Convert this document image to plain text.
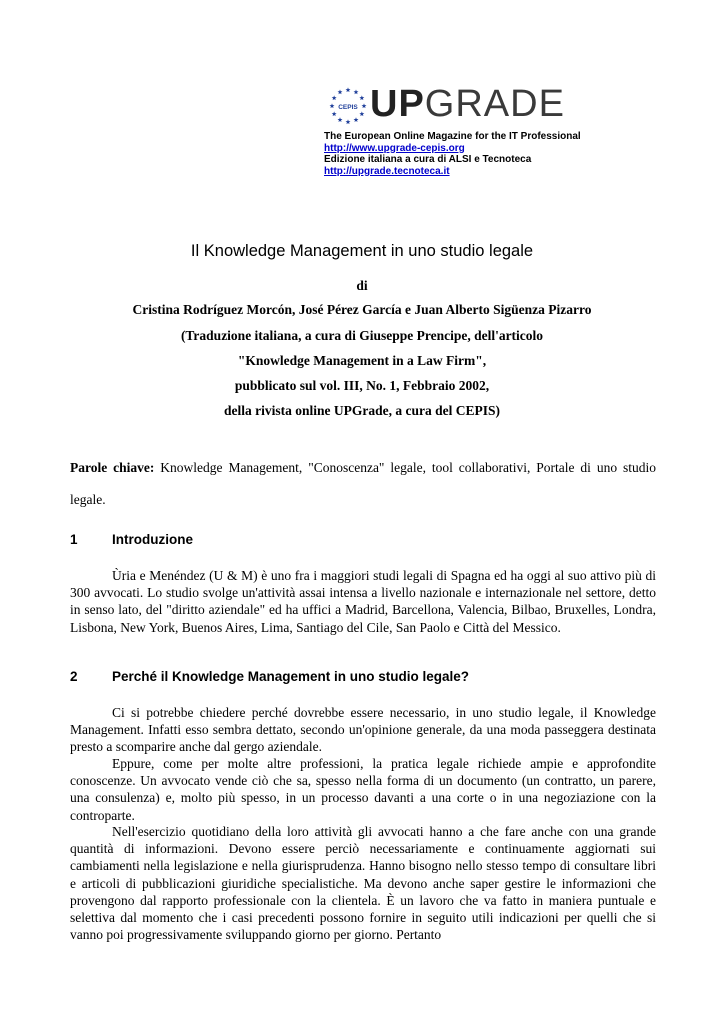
CEPIS UPGRADE
The European Online Magazine for the IT Professional
http://www.upgrade-cepis.org
Edizione italiana a cura di ALSI e Tecnoteca
http://upgrade.tecnoteca.it
Il Knowledge Management in uno studio legale
di
Cristina Rodríguez Morcón, José Pérez García e Juan Alberto Sigüenza Pizarro
(Traduzione italiana, a cura di Giuseppe Prencipe, dell'articolo
"Knowledge Management in a Law Firm",
pubblicato sul vol. III, No. 1, Febbraio 2002,
della rivista online UPGrade, a cura del CEPIS)
Parole chiave: Knowledge Management, "Conoscenza" legale, tool collaborativi, Portale di uno studio legale.
1	Introduzione

Ùria e Menéndez (U & M) è uno fra i maggiori studi legali di Spagna ed ha oggi al suo attivo più di 300 avvocati. Lo studio svolge un'attività assai intensa a livello nazionale e internazionale nel settore, detto in senso lato, del "diritto aziendale" ed ha uffici a Madrid, Barcellona, Valencia, Bilbao, Bruxelles, Londra, Lisbona, New York, Buenos Aires, Lima, Santiago del Cile, San Paolo e Città del Messico.

2	Perché il Knowledge Management in uno studio legale?

Ci si potrebbe chiedere perché dovrebbe essere necessario, in uno studio legale, il Knowledge Management. Infatti esso sembra dettato, secondo un'opinione generale, da una moda passeggera destinata presto a scomparire anche dal gergo aziendale.

Eppure, come per molte altre professioni, la pratica legale richiede ampie e approfondite conoscenze. Un avvocato vende ciò che sa, spesso nella forma di un documento (un contratto, un parere, una consulenza) e, molto più spesso, in un processo davanti a una corte o in una negoziazione con la controparte.

Nell'esercizio quotidiano della loro attività gli avvocati hanno a che fare anche con una grande quantità di informazioni. Devono essere perciò necessariamente e continuamente aggiornati sui cambiamenti nella legislazione e nella giurisprudenza. Hanno bisogno nello stesso tempo di consultare libri e articoli di pubblicazioni giuridiche specialistiche. Ma devono anche saper gestire le informazioni che provengono dal rapporto professionale con la clientela. È un lavoro che va fatto in maniera puntuale e selettiva dal momento che i casi precedenti possono fornire in seguito utili indicazioni per quelli che si vanno poi progressivamente sviluppando giorno per giorno. Pertanto
